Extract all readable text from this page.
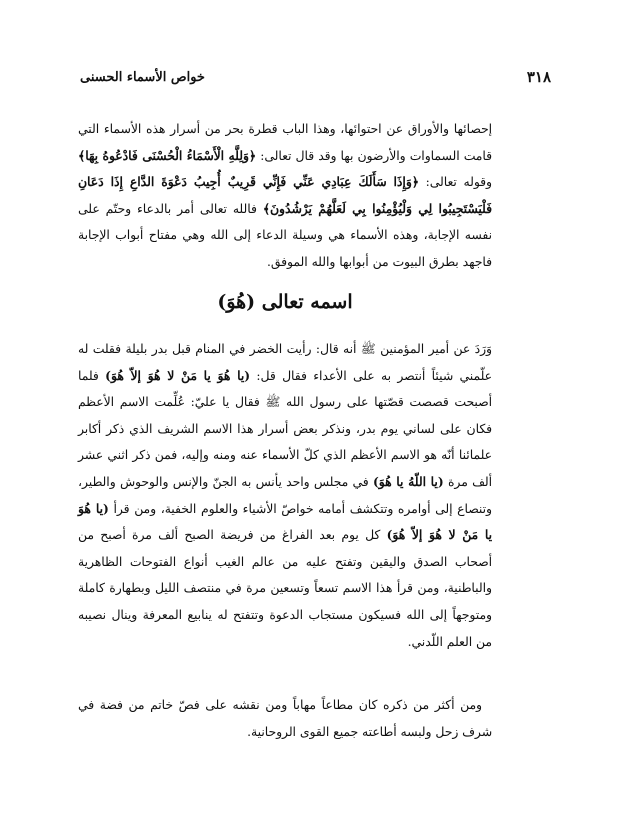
٣١٨
خواص الأسماء الحسنى
إحصائها والأوراق عن احتوائها، وهذا الباب قطرة بحر من أسرار هذه الأسماء التي قامت السماوات والأرضون بها وقد قال تعالى: ﴿وَلِلَّهِ الْأَسْمَاءُ الْحُسْنَى فَادْعُوهُ بِهَا﴾ وقوله تعالى: ﴿وَإِذَا سَأَلَكَ عِبَادِي عَنِّي فَإِنِّي قَرِيبٌ أُجِيبُ دَعْوَةَ الدَّاعِ إِذَا دَعَانِ فَلْيَسْتَجِيبُوا لِي وَلْيُؤْمِنُوا بِي لَعَلَّهُمْ يَرْشُدُونَ﴾ فالله تعالى أمر بالدعاء وحتّم على نفسه الإجابة، وهذه الأسماء هي وسيلة الدعاء إلى الله وهي مفتاح أبواب الإجابة فاجهد بطرق البيوت من أبوابها والله الموفق.
اسمه تعالى (هُوَ)
وَرَدَ عن أمير المؤمنين ﷺ أنه قال: رأيت الخضر في المنام قبل بدر بليلة فقلت له علّمني شيئاً أنتصر به على الأعداء فقال قل: (يا هُوَ يا مَنْ لا هُوَ إلاّ هُوَ) فلما أصبحت قصصت قصّتها على رسول الله ﷺ فقال يا عليّ: عُلِّمت الاسم الأعظم فكان على لساني يوم بدر، ونذكر بعض أسرار هذا الاسم الشريف الذي ذكر أكابر علمائنا أنّه هو الاسم الأعظم الذي كلّ الأسماء عنه ومنه وإليه، فمن ذكر اثني عشر ألف مرة (يا اللّهُ يا هُوَ) في مجلس واحد يأنس به الجنّ والإنس والوحوش والطير، وتنصاع إلى أوامره وتتكشف أمامه خواصّ الأشياء والعلوم الخفية، ومن قرأ (يا هُوَ يا مَنْ لا هُوَ إلاّ هُوَ) كل يوم بعد الفراغ من فريضة الصبح ألف مرة أصبح من أصحاب الصدق واليقين وتفتح عليه من عالم الغيب أنواع الفتوحات الظاهرية والباطنية، ومن قرأ هذا الاسم تسعاً وتسعين مرة في منتصف الليل وبطهارة كاملة ومتوجهاً إلى الله فسيكون مستجاب الدعوة وتتفتح له ينابيع المعرفة وينال نصيبه من العلم اللّدني.
ومن أكثر من ذكره كان مطاعاً مهاباً ومن نقشه على فصّ خاتم من فضة في شرف زحل ولبسه أطاعته جميع القوى الروحانية.
